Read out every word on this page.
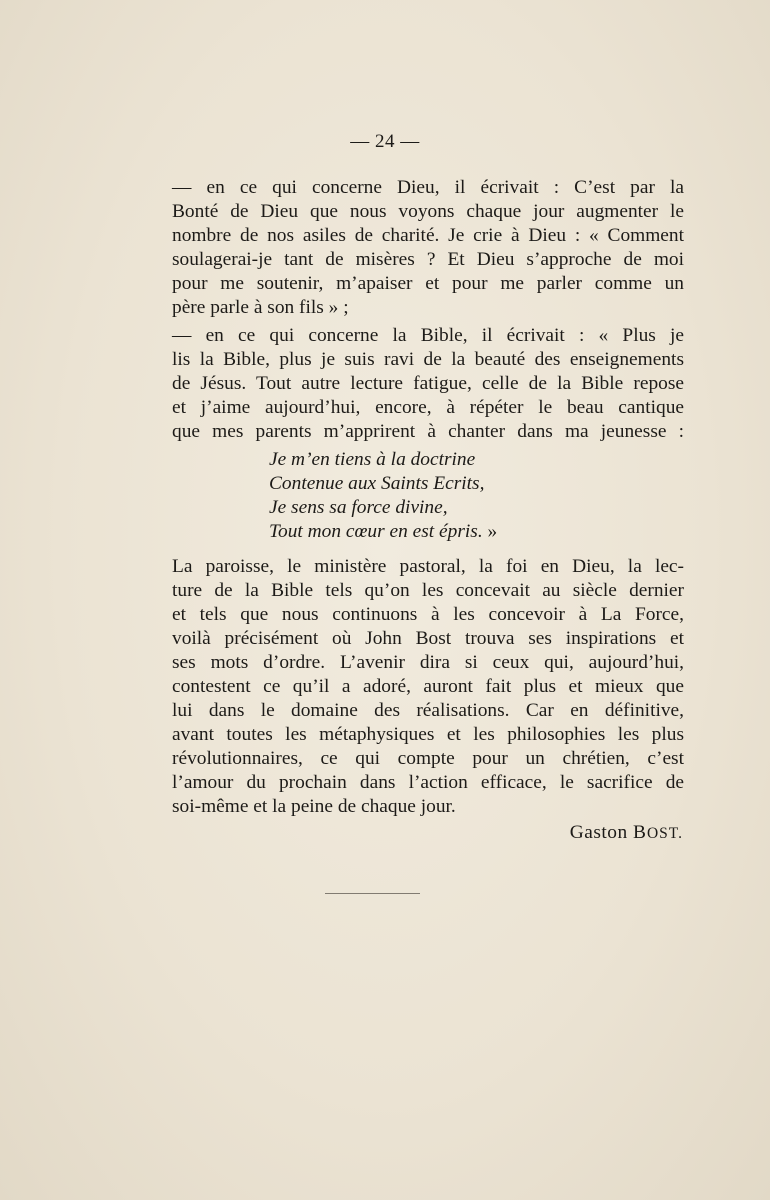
— 24 —

— en ce qui concerne Dieu, il écrivait : C’est par la
Bonté de Dieu que nous voyons chaque jour augmenter le
nombre de nos asiles de charité. Je crie à Dieu : « Comment
soulagerai-je tant de misères ? Et Dieu s’approche de moi
pour me soutenir, m’apaiser et pour me parler comme un
père parle à son fils » ;

— en ce qui concerne la Bible, il écrivait : « Plus je
lis la Bible, plus je suis ravi de la beauté des enseignements
de Jésus. Tout autre lecture fatigue, celle de la Bible repose
et j’aime aujourd’hui, encore, à répéter le beau cantique
que mes parents m’apprirent à chanter dans ma jeunesse :

Je m’en tiens à la doctrine
Contenue aux Saints Ecrits,
Je sens sa force divine,
Tout mon cœur en est épris. »

La paroisse, le ministère pastoral, la foi en Dieu, la lec-
ture de la Bible tels qu’on les concevait au siècle dernier
et tels que nous continuons à les concevoir à La Force,
voilà précisément où John Bost trouva ses inspirations et
ses mots d’ordre. L’avenir dira si ceux qui, aujourd’hui,
contestent ce qu’il a adoré, auront fait plus et mieux que
lui dans le domaine des réalisations. Car en définitive,
avant toutes les métaphysiques et les philosophies les plus
révolutionnaires, ce qui compte pour un chrétien, c’est
l’amour du prochain dans l’action efficace, le sacrifice de
soi-même et la peine de chaque jour.

Gaston BOST.
